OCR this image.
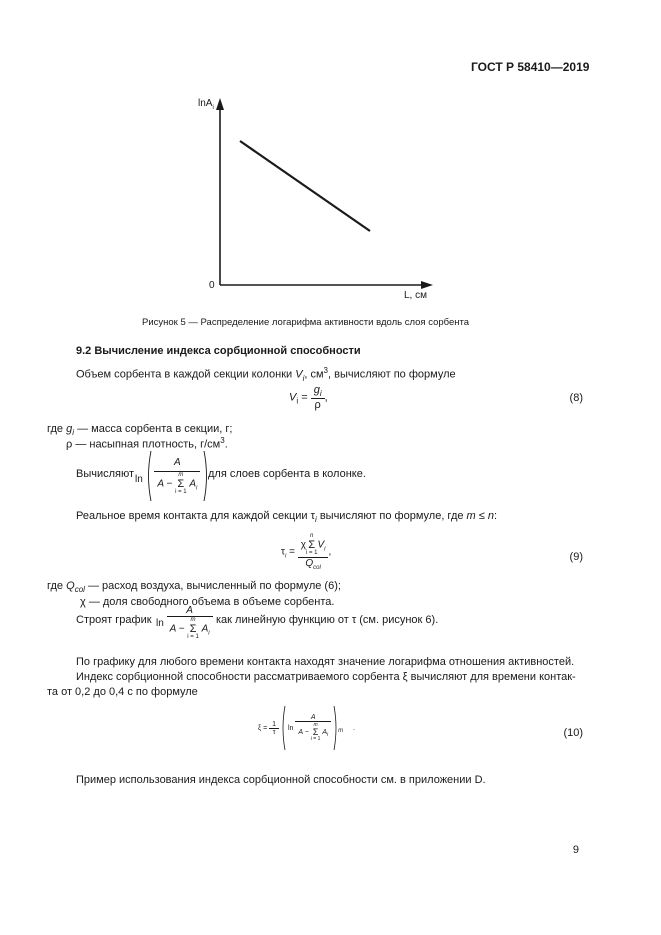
ГОСТ Р 58410—2019
lnA$_i$
0
L, см
Рисунок 5 — Распределение логарифма активности вдоль слоя сорбента
9.2 Вычисление индекса сорбционной способности
Объем сорбента в каждой секции колонки $V_i$, $см^3$, вычисляют по формуле
$V_i = \frac{g_i}{\rho}$ ,	(8)
где $g_i$ — масса сорбента в секции, г;
ρ — насыпная плотность, $г/см^3$.
Вычисляют ln A
A −
m
Σ
i = 1
$A_i$
для слоев сорбента в колонке.
Реальное время контакта для каждой секции $\tau_i$ вычисляют по формуле, где m ≤ n:
$\tau_i = \chi$
n
Σ
i = 1
$V_i$
$Q_{col}$ ,	(9)
где $Q_{col}$ — расход воздуха, вычисленный по формуле (6);
χ — доля свободного объема в объеме сорбента.
Строят график ln A
A −
m
Σ
i = 1
$A_i$ как линейную функцию от τ (см. рисунок 6).
По графику для любого времени контакта находят значение логарифма отношения активностей.
Индекс сорбционной способности рассматриваемого сорбента ξ вычисляют для времени контак-
та от 0,2 до 0,4 с по формуле
$\xi = \frac{1}{\tau}$ ln A
A −
m
Σ
i = 1
$A_i$ $_m$ .	(10)
Пример использования индекса сорбционной способности см. в приложении D.
9
